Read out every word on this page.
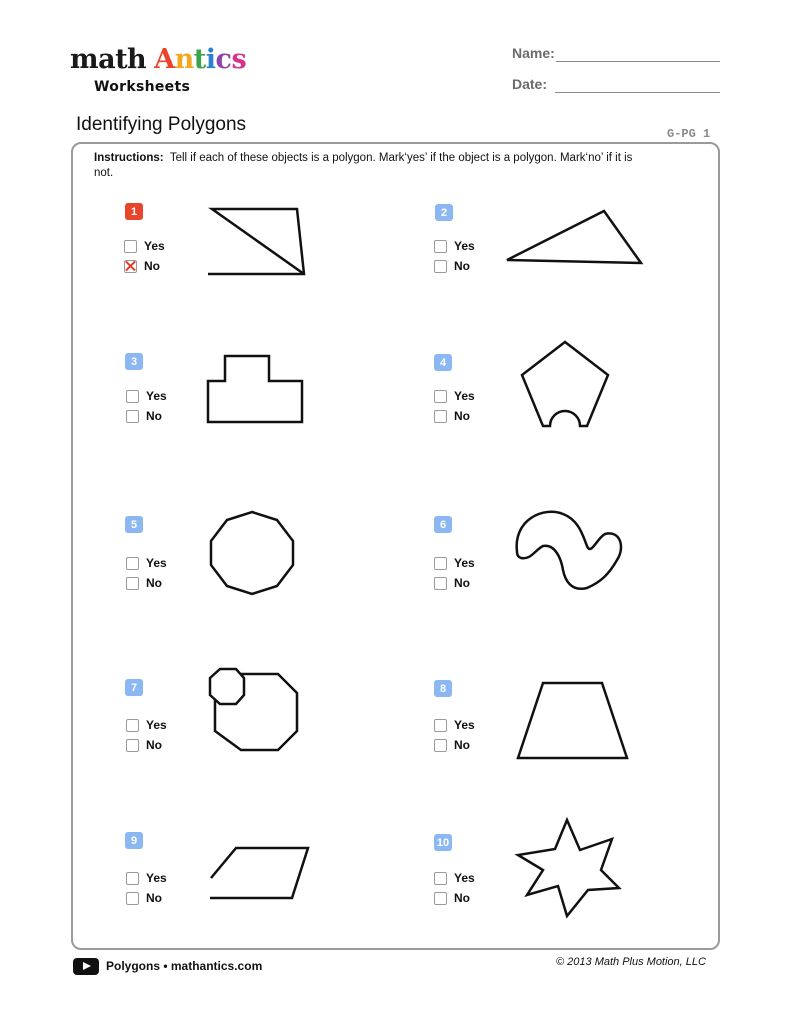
math Antics
Worksheets
Name:
Date:
Identifying Polygons	G-PG 1
Instructions: Tell if each of these objects is a polygon. Mark‘yes’ if the object is a polygon. Mark‘no’ if it is not.
1
Yes
No
2
Yes
No
3
Yes
No
4
Yes
No
5
Yes
No
6
Yes
No
7
Yes
No
8
Yes
No
9
Yes
No
10
Yes
No
Polygons • mathantics.com	© 2013 Math Plus Motion, LLC
